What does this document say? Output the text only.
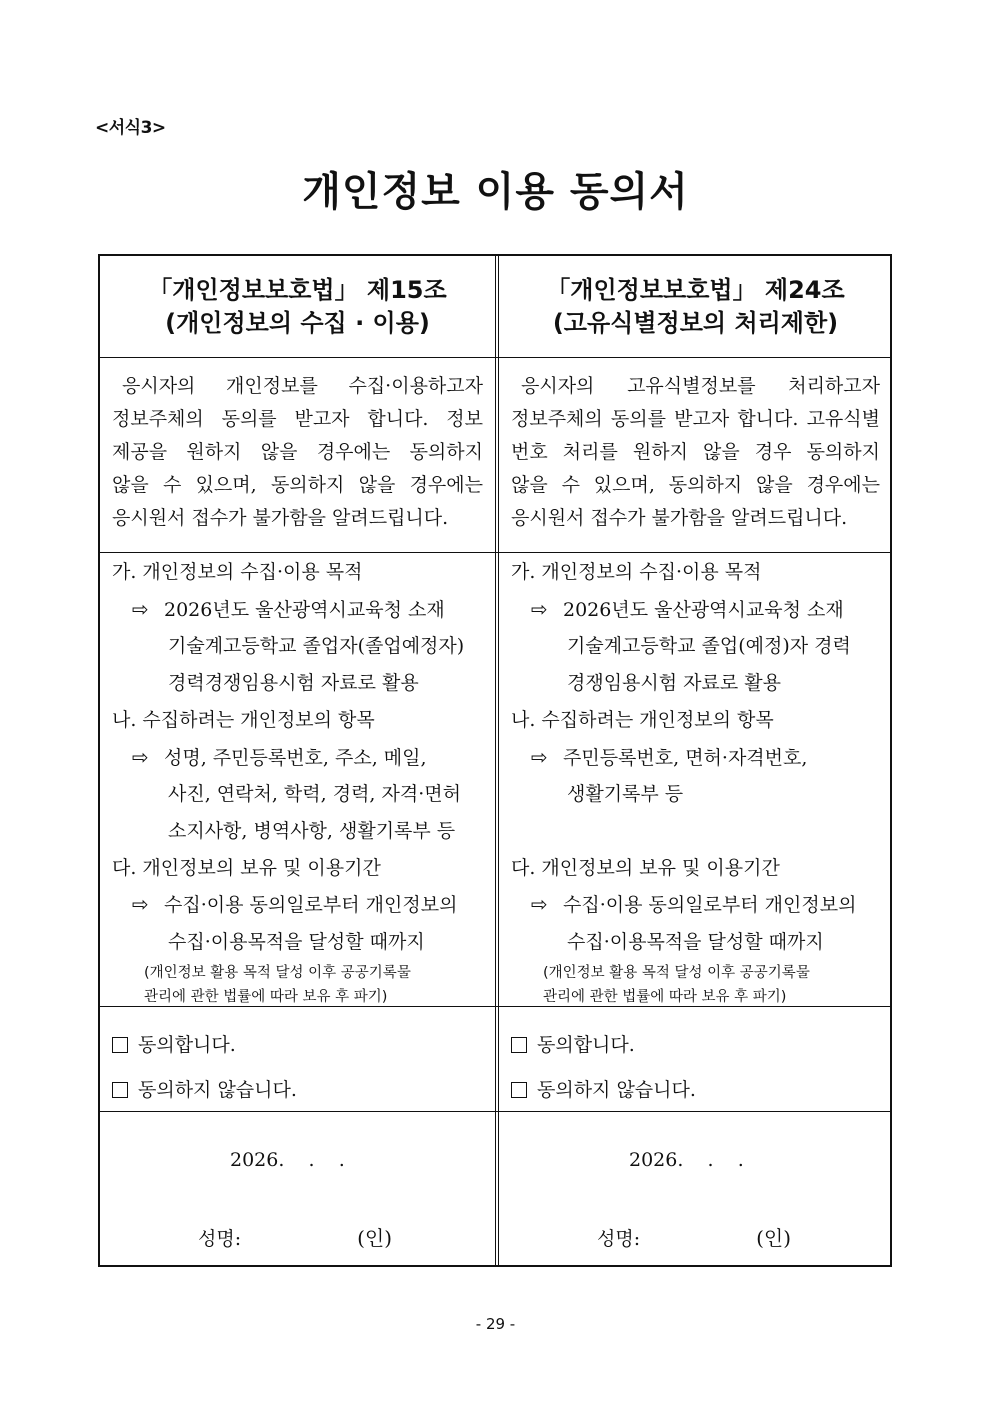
<서식3>
개인정보 이용 동의서
「개인정보보호법」 제15조
(개인정보의 수집 · 이용)
응시자의 개인정보를 수집·이용하고자
정보주체의 동의를 받고자 합니다. 정보
제공을 원하지 않을 경우에는 동의하지
않을 수 있으며, 동의하지 않을 경우에는
응시원서 접수가 불가함을 알려드립니다.
가. 개인정보의 수집·이용 목적
⇨ 2026년도 울산광역시교육청 소재
기술계고등학교 졸업자(졸업예정자)
경력경쟁임용시험 자료로 활용
나. 수집하려는 개인정보의 항목
⇨ 성명, 주민등록번호, 주소, 메일,
사진, 연락처, 학력, 경력, 자격·면허
소지사항, 병역사항, 생활기록부 등
다. 개인정보의 보유 및 이용기간
⇨ 수집·이용 동의일로부터 개인정보의
수집·이용목적을 달성할 때까지
(개인정보 활용 목적 달성 이후 공공기록물
관리에 관한 법률에 따라 보유 후 파기)
동의합니다.
동의하지 않습니다.
2026.    .    .
성명:	(인)
「개인정보보호법」 제24조
(고유식별정보의 처리제한)
응시자의 고유식별정보를 처리하고자
정보주체의 동의를 받고자 합니다. 고유식별
번호 처리를 원하지 않을 경우 동의하지
않을 수 있으며, 동의하지 않을 경우에는
응시원서 접수가 불가함을 알려드립니다.
가. 개인정보의 수집·이용 목적
⇨ 2026년도 울산광역시교육청 소재
기술계고등학교 졸업(예정)자 경력
경쟁임용시험 자료로 활용
나. 수집하려는 개인정보의 항목
⇨ 주민등록번호, 면허·자격번호,
생활기록부 등
다. 개인정보의 보유 및 이용기간
⇨ 수집·이용 동의일로부터 개인정보의
수집·이용목적을 달성할 때까지
(개인정보 활용 목적 달성 이후 공공기록물
관리에 관한 법률에 따라 보유 후 파기)
동의합니다.
동의하지 않습니다.
2026.    .    .
성명:	(인)
- 29 -
